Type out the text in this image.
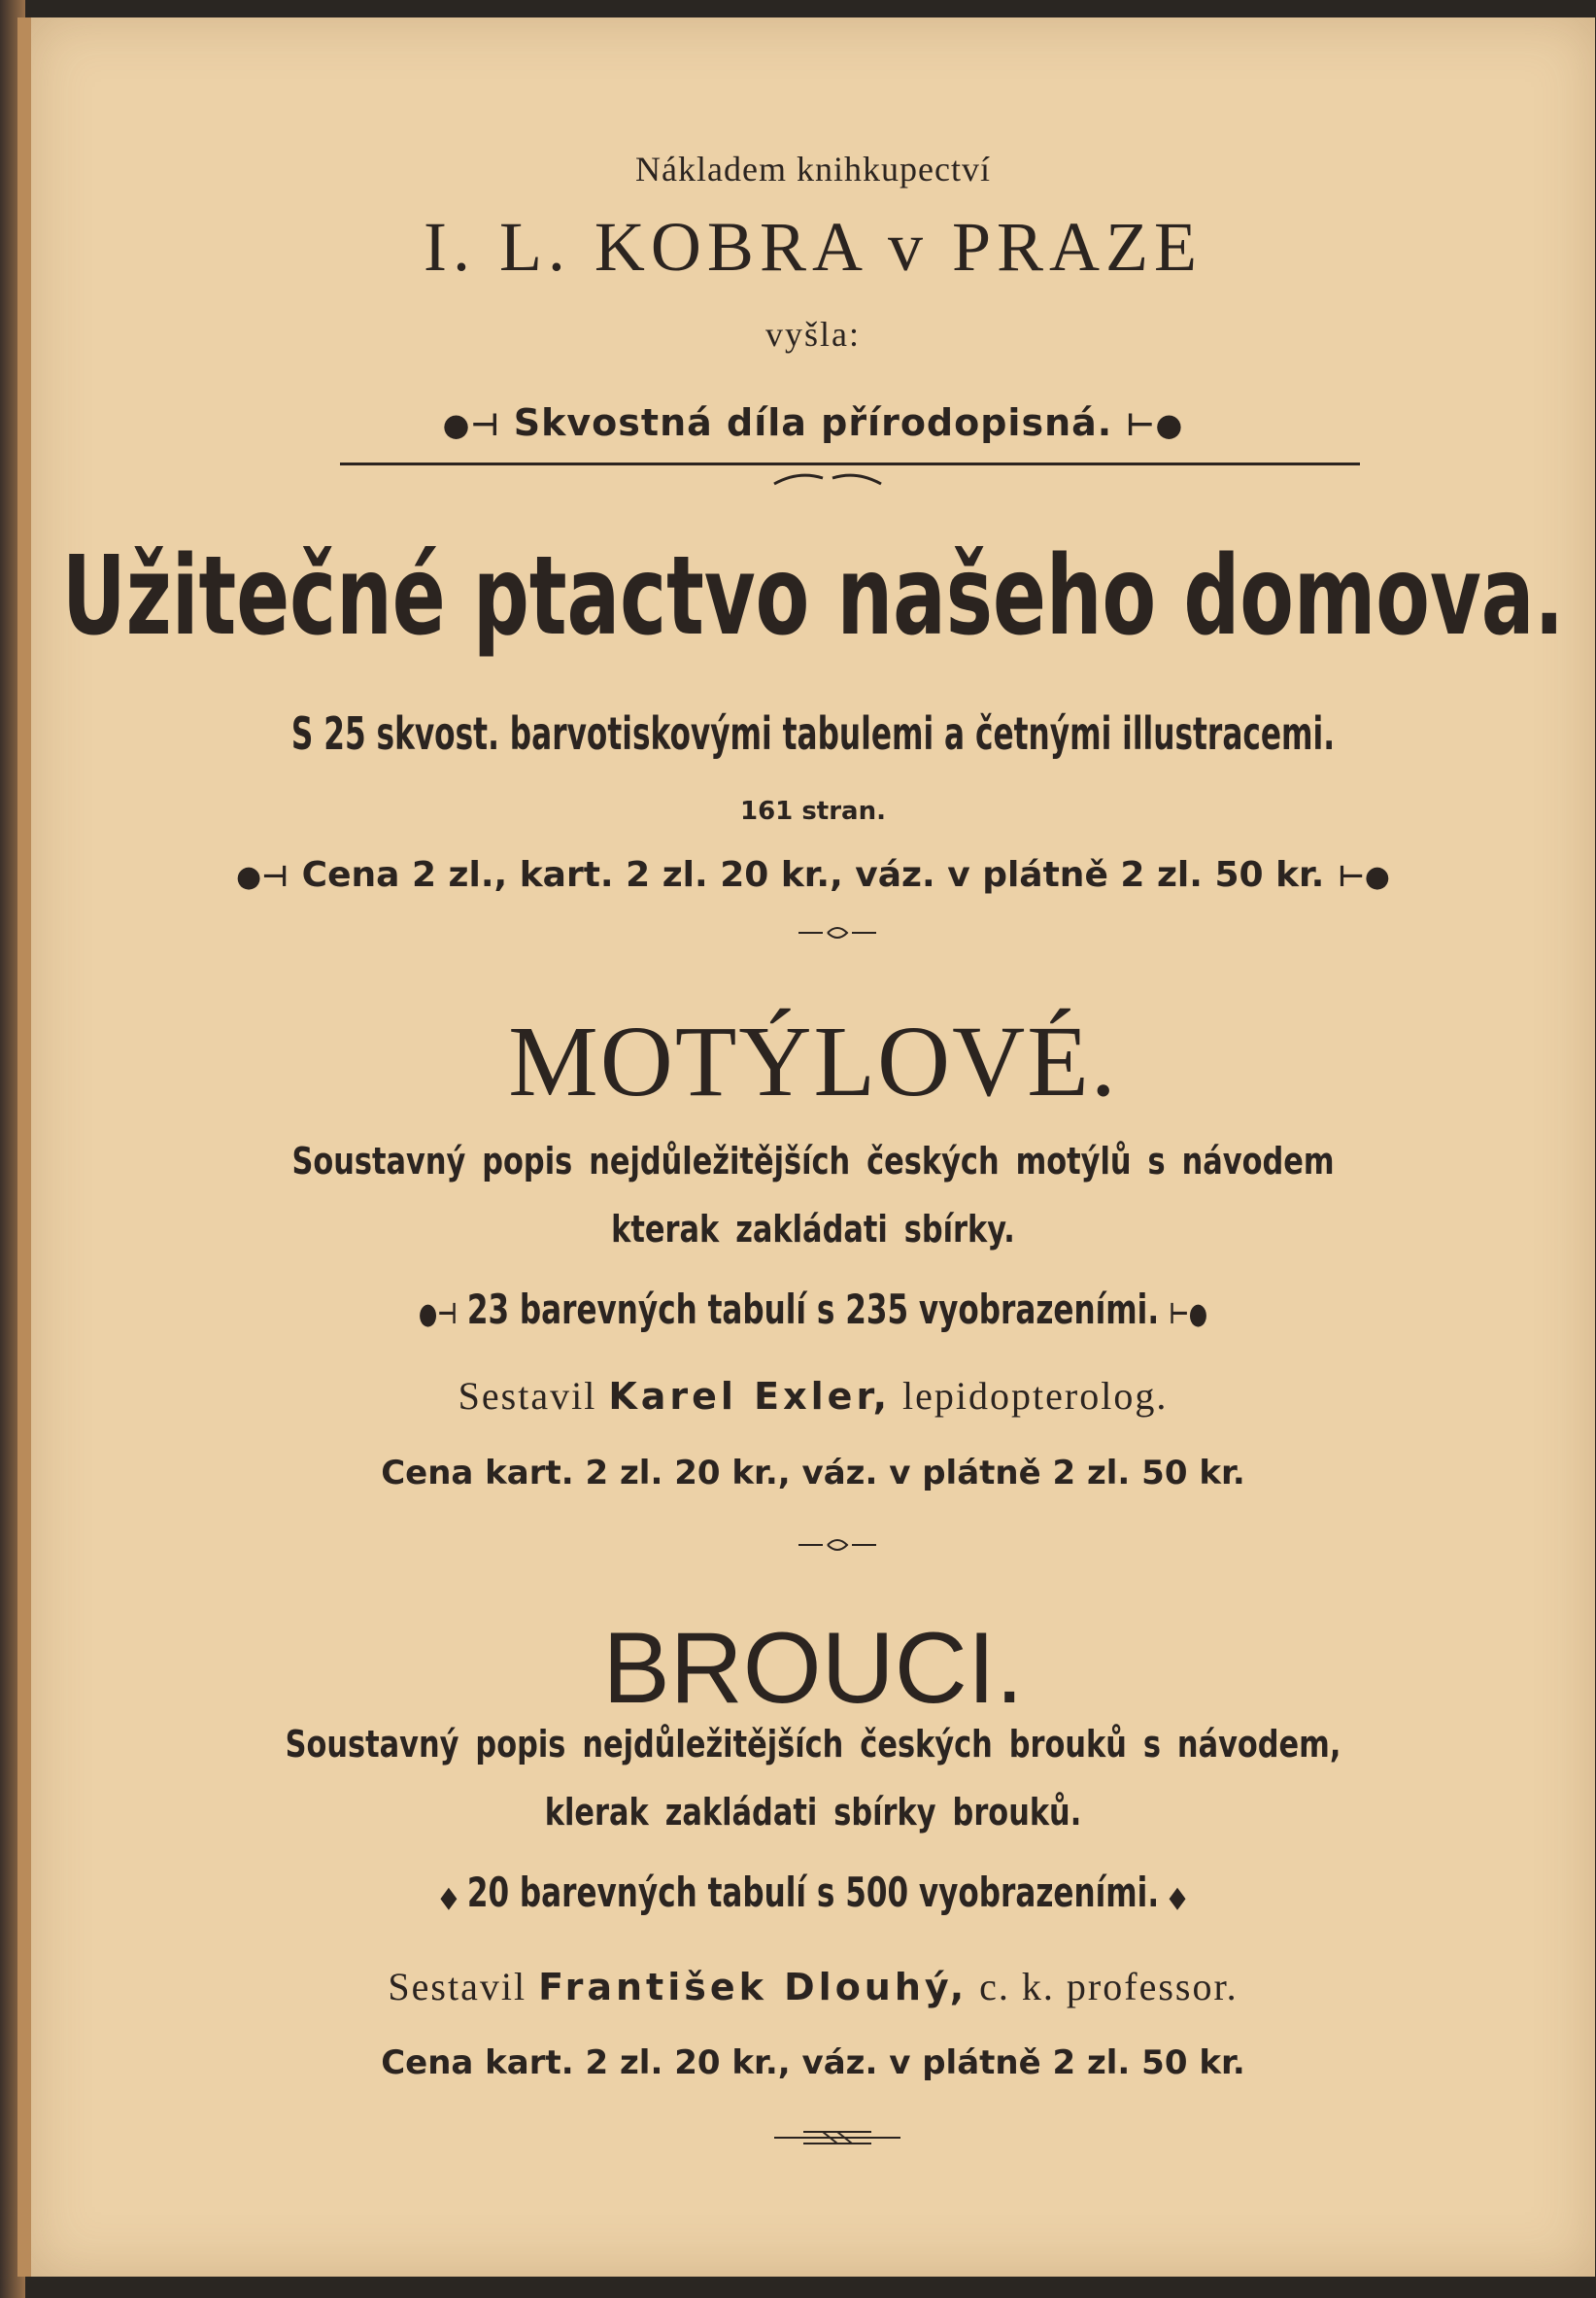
Nákladem knihkupectví
I. L. KOBRA v PRAZE
vyšla:
●⊣ Skvostná díla přírodopisná. ⊢●
Užitečné ptactvo našeho domova.
S 25 skvost. barvotiskovými tabulemi a četnými illustracemi.
161 stran.
●⊣ Cena 2 zl., kart. 2 zl. 20 kr., váz. v plátně 2 zl. 50 kr. ⊢●
MOTÝLOVÉ.
Soustavný popis nejdůležitějších českých motýlů s návodem
kterak zakládati sbírky.
●⊣ 23 barevných tabulí s 235 vyobrazeními. ⊢●
Sestavil Karel Exler, lepidopterolog.
Cena kart. 2 zl. 20 kr., váz. v plátně 2 zl. 50 kr.
BROUCI.
Soustavný popis nejdůležitějších českých brouků s návodem,
klerak zakládati sbírky brouků.
◆ 20 barevných tabulí s 500 vyobrazeními. ◆
Sestavil František Dlouhý, c. k. professor.
Cena kart. 2 zl. 20 kr., váz. v plátně 2 zl. 50 kr.
